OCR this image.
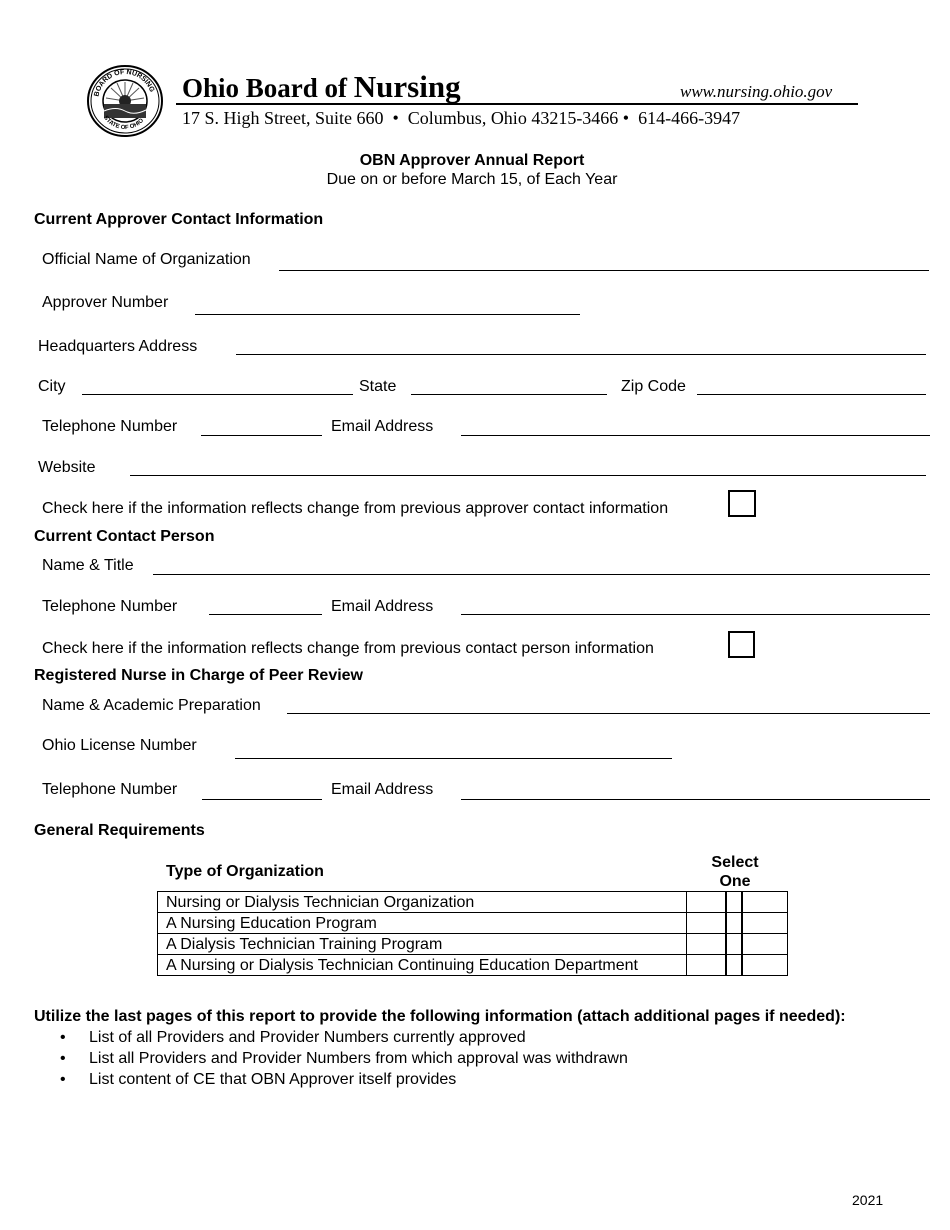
BOARD OF NURSING
STATE OF OHIO
Ohio Board of Nursing	www.nursing.ohio.gov
17 S. High Street, Suite 660  •  Columbus, Ohio 43215-3466 •  614-466-3947
OBN Approver Annual Report
Due on or before March 15, of Each Year
Current Approver Contact Information
Official Name of Organization
Approver Number
Headquarters Address
City	State	Zip Code
Telephone Number	Email Address
Website
Check here if the information reflects change from previous approver contact information
Current Contact Person
Name & Title
Telephone Number	Email Address
Check here if the information reflects change from previous contact person information
Registered Nurse in Charge of Peer Review
Name & Academic Preparation
Ohio License Number
Telephone Number	Email Address
General Requirements
Type of Organization
Select
One
Nursing or Dialysis Technician Organization	

A Nursing Education Program	

A Dialysis Technician Training Program	

A Nursing or Dialysis Technician Continuing Education Department	
Utilize the last pages of this report to provide the following information (attach additional pages if needed):
• List of all Providers and Provider Numbers currently approved
• List all Providers and Provider Numbers from which approval was withdrawn
• List content of CE that OBN Approver itself provides
2021
